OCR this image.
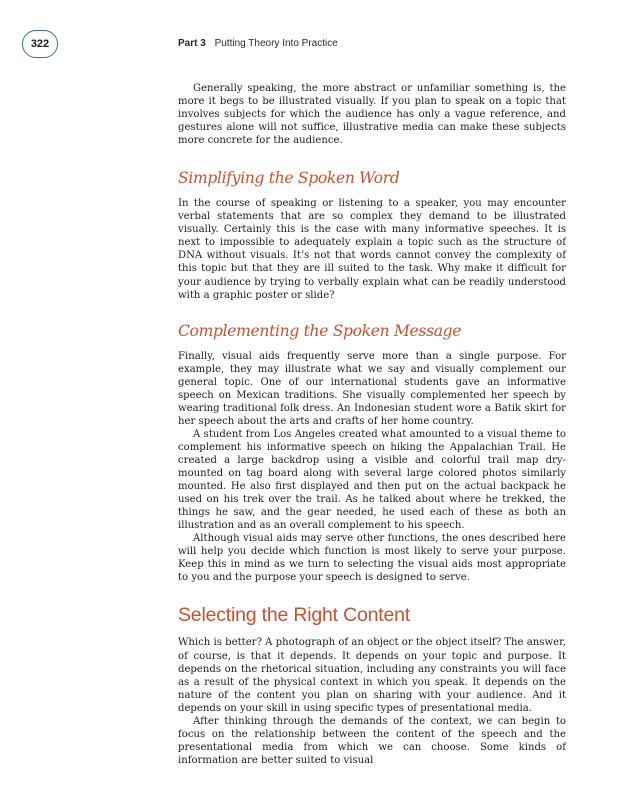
322	Part 3 Putting Theory Into Practice

Generally speaking, the more abstract or unfamiliar something is, the more it begs to be illustrated visually. If you plan to speak on a topic that involves subjects for which the audience has only a vague reference, and gestures alone will not suffice, illustrative media can make these subjects more concrete for the audience.

Simplifying the Spoken Word

In the course of speaking or listening to a speaker, you may encounter verbal statements that are so complex they demand to be illustrated visually. Certainly this is the case with many informative speeches. It is next to impossible to adequately explain a topic such as the structure of DNA without visuals. It’s not that words cannot convey the complexity of this topic but that they are ill suited to the task. Why make it difficult for your audience by trying to verbally explain what can be readily understood with a graphic poster or slide?

Complementing the Spoken Message

Finally, visual aids frequently serve more than a single purpose. For example, they may illustrate what we say and visually complement our general topic. One of our international students gave an informative speech on Mexican traditions. She visually complemented her speech by wearing traditional folk dress. An Indonesian student wore a Batik skirt for her speech about the arts and crafts of her home country.

A student from Los Angeles created what amounted to a visual theme to complement his informative speech on hiking the Appalachian Trail. He created a large backdrop using a visible and colorful trail map dry-mounted on tag board along with several large colored photos similarly mounted. He also first displayed and then put on the actual backpack he used on his trek over the trail. As he talked about where he trekked, the things he saw, and the gear needed, he used each of these as both an illustration and as an overall complement to his speech.

Although visual aids may serve other functions, the ones described here will help you decide which function is most likely to serve your purpose. Keep this in mind as we turn to selecting the visual aids most appropriate to you and the purpose your speech is designed to serve.

Selecting the Right Content

Which is better? A photograph of an object or the object itself? The answer, of course, is that it depends. It depends on your topic and purpose. It depends on the rhetorical situation, including any constraints you will face as a result of the physical context in which you speak. It depends on the nature of the content you plan on sharing with your audience. And it depends on your skill in using specific types of presentational media.

After thinking through the demands of the context, we can begin to focus on the relationship between the content of the speech and the presentational media from which we can choose. Some kinds of information are better suited to visual
